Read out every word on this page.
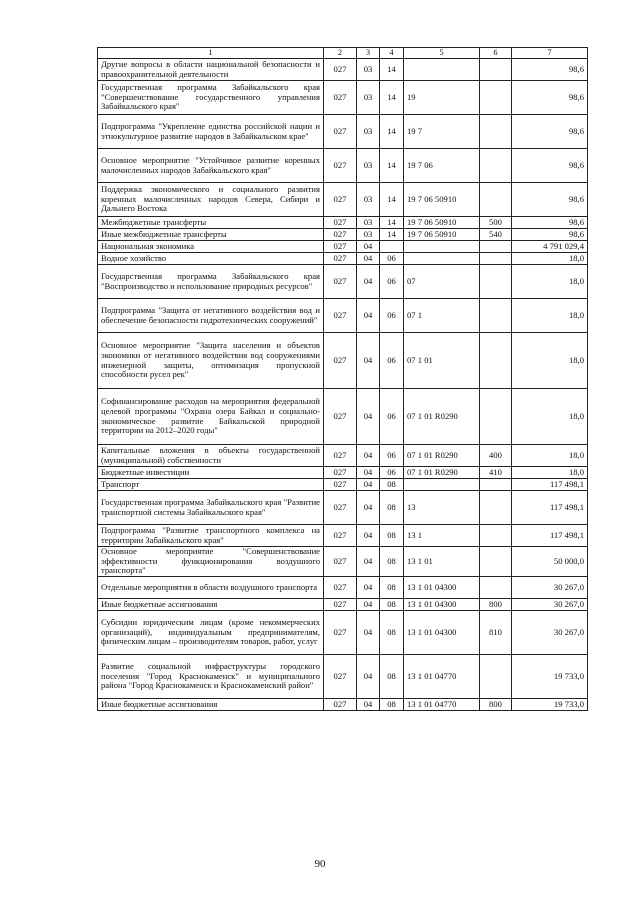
1	2	3	4	5	6	7
Другие вопросы в области национальной безопасности и правоохранительной деятельности	027	03	14			98,6
Государственная программа Забайкальского края "Совершенствование государственного управления Забайкальского края"	027	03	14	19		98,6
Подпрограмма "Укрепление единства российской нации и этнокультурное развитие народов в Забайкальском крае"	027	03	14	19 7		98,6
Основное мероприятие "Устойчивое развитие коренных малочисленных народов Забайкальского края"	027	03	14	19 7 06		98,6
Поддержка экономического и социального развития коренных малочисленных народов Севера, Сибири и Дальнего Востока	027	03	14	19 7 06 50910		98,6
Межбюджетные трансферты	027	03	14	19 7 06 50910	500	98,6
Иные межбюджетные трансферты	027	03	14	19 7 06 50910	540	98,6
Национальная экономика	027	04				4 791 029,4
Водное хозяйство	027	04	06			18,0
Государственная программа Забайкальского края "Воспроизводство и использование природных ресурсов"	027	04	06	07		18,0
Подпрограмма "Защита от негативного воздействия вод и обеспечение безопасности гидротехнических сооружений"	027	04	06	07 1		18,0
Основное мероприятие "Защита населения и объектов экономики от негативного воздействия вод сооружениями инженерной защиты, оптимизация пропускной способности русел рек"	027	04	06	07 1 01		18,0
Софинансирование расходов на мероприятия федеральной целевой программы "Охрана озера Байкал и социально-экономическое развитие Байкальской природной территории на 2012–2020 годы"	027	04	06	07 1 01 R0290		18,0
Капитальные вложения в объекты государственной (муниципальной) собственности	027	04	06	07 1 01 R0290	400	18,0
Бюджетные инвестиции	027	04	06	07 1 01 R0290	410	18,0
Транспорт	027	04	08			117 498,1
Государственная программа Забайкальского края "Развитие транспортной системы Забайкальского края"	027	04	08	13		117 498,1
Подпрограмма "Развитие транспортного комплекса на территории Забайкальского края"	027	04	08	13 1		117 498,1
Основное мероприятие "Совершенствование эффективности функционирования воздушного транспорта"	027	04	08	13 1 01		50 000,0
Отдельные мероприятия в области воздушного транспорта	027	04	08	13 1 01 04300		30 267,0
Иные бюджетные ассигнования	027	04	08	13 1 01 04300	800	30 267,0
Субсидии юридическим лицам (кроме некоммерческих организаций), индивидуальным предпринимателям, физическим лицам – производителям товаров, работ, услуг	027	04	08	13 1 01 04300	810	30 267,0
Развитие социальной инфраструктуры городского поселения "Город Краснокаменск" и муниципального района "Город Краснокаменск и Краснокаменский район"	027	04	08	13 1 01 04770		19 733,0
Иные бюджетные ассигнования	027	04	08	13 1 01 04770	800	19 733,0
90
